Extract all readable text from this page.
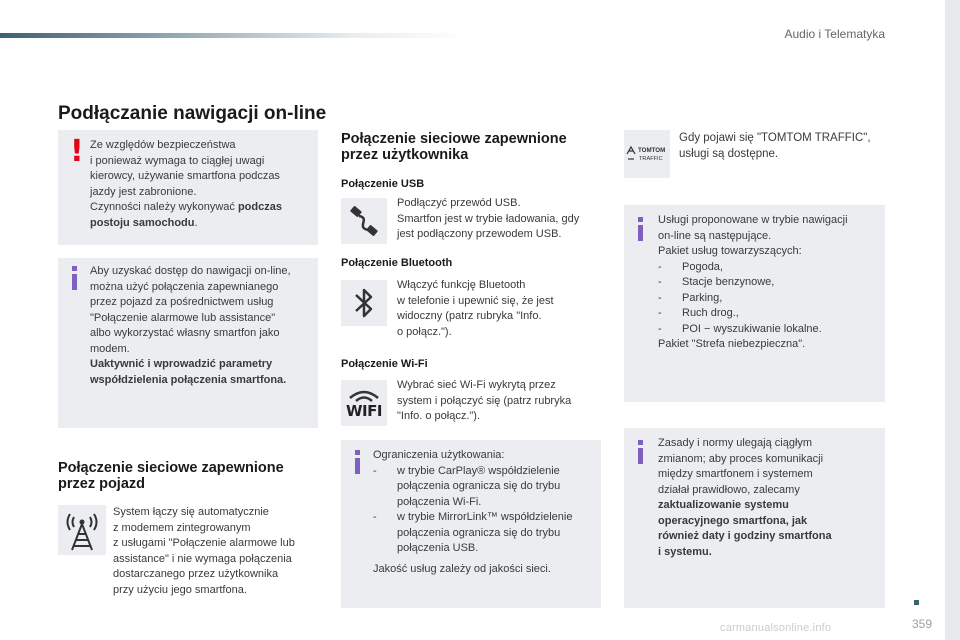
Audio i Telematyka
Podłączanie nawigacji on-line
! Ze względów bezpieczeństwa
i ponieważ wymaga to ciągłej uwagi
kierowcy, używanie smartfona podczas
jazdy jest zabronione.
Czynności należy wykonywać podczas
postoju samochodu.

Aby uzyskać dostęp do nawigacji on-line,
można użyć połączenia zapewnianego
przez pojazd za pośrednictwem usług
"Połączenie alarmowe lub assistance"
albo wykorzystać własny smartfon jako
modem.
Uaktywnić i wprowadzić parametry
współdzielenia połączenia smartfona.

Połączenie sieciowe zapewnione
przez pojazd
System łączy się automatycznie
z modemem zintegrowanym
z usługami "Połączenie alarmowe lub
assistance" i nie wymaga połączenia
dostarczanego przez użytkownika
przy użyciu jego smartfona.
Połączenie sieciowe zapewnione
przez użytkownika
Połączenie USB
Podłączyć przewód USB.
Smartfon jest w trybie ładowania, gdy
jest podłączony przewodem USB.
Połączenie Bluetooth
Włączyć funkcję Bluetooth
w telefonie i upewnić się, że jest
widoczny (patrz rubryka "Info.
o połącz.").
Połączenie Wi-Fi
WIFI
Wybrać sieć Wi-Fi wykrytą przez
system i połączyć się (patrz rubryka
"Info. o połącz.").
Ograniczenia użytkowania:
- w trybie CarPlay® współdzielenie
połączenia ogranicza się do trybu
połączenia Wi-Fi.
- w trybie MirrorLink™ współdzielenie
połączenia ogranicza się do trybu
połączenia USB.
Jakość usług zależy od jakości sieci.
TOMTOM
TRAFFIC
Gdy pojawi się "TOMTOM TRAFFIC",
usługi są dostępne.
Usługi proponowane w trybie nawigacji
on-line są następujące.
Pakiet usług towarzyszących:
- Pogoda,
- Stacje benzynowe,
- Parking,
- Ruch drog.,
- POI − wyszukiwanie lokalne.
Pakiet "Strefa niebezpieczna".

Zasady i normy ulegają ciągłym
zmianom; aby proces komunikacji
między smartfonem i systemem
działał prawidłowo, zalecamy
zaktualizowanie systemu
operacyjnego smartfona, jak
również daty i godziny smartfona
i systemu.

359
carmanualsonline.info
